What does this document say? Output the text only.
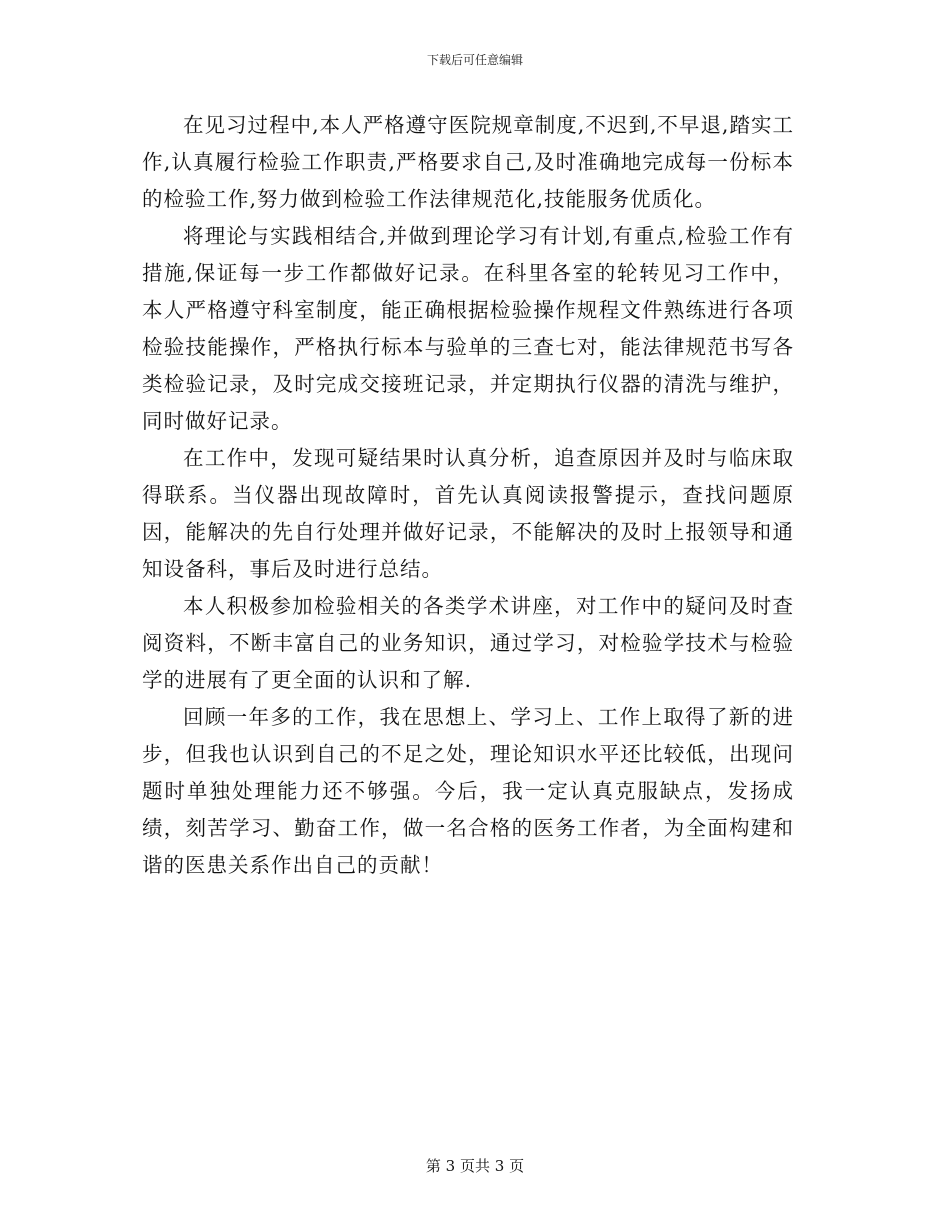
下载后可任意编辑

在见习过程中,本人严格遵守医院规章制度,不迟到,不早退,踏实工作,认真履行检验工作职责,严格要求自己,及时准确地完成每一份标本的检验工作,努力做到检验工作法律规范化,技能服务优质化。

将理论与实践相结合,并做到理论学习有计划,有重点,检验工作有措施,保证每一步工作都做好记录。在科里各室的轮转见习工作中，本人严格遵守科室制度，能正确根据检验操作规程文件熟练进行各项检验技能操作，严格执行标本与验单的三查七对，能法律规范书写各类检验记录，及时完成交接班记录，并定期执行仪器的清洗与维护，同时做好记录。

在工作中，发现可疑结果时认真分析，追查原因并及时与临床取得联系。当仪器出现故障时，首先认真阅读报警提示，查找问题原因，能解决的先自行处理并做好记录，不能解决的及时上报领导和通知设备科，事后及时进行总结。

本人积极参加检验相关的各类学术讲座，对工作中的疑问及时查阅资料，不断丰富自己的业务知识，通过学习，对检验学技术与检验学的进展有了更全面的认识和了解.

回顾一年多的工作，我在思想上、学习上、工作上取得了新的进步，但我也认识到自己的不足之处，理论知识水平还比较低，出现问题时单独处理能力还不够强。今后，我一定认真克服缺点，发扬成绩，刻苦学习、勤奋工作，做一名合格的医务工作者，为全面构建和谐的医患关系作出自己的贡献！

第 3 页共 3 页
